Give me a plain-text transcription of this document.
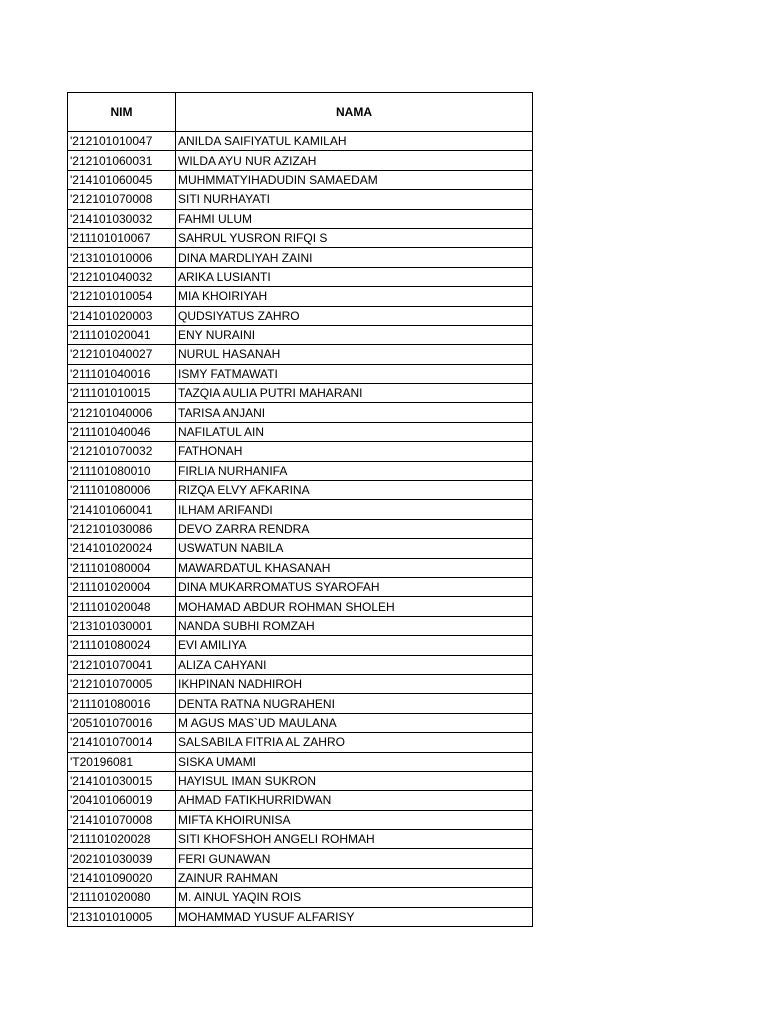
NIM	NAMA
'212101010047	ANILDA SAIFIYATUL KAMILAH
'212101060031	WILDA AYU NUR AZIZAH
'214101060045	MUHMMATYIHADUDIN SAMAEDAM
'212101070008	SITI NURHAYATI
'214101030032	FAHMI ULUM
'211101010067	SAHRUL YUSRON RIFQI S
'213101010006	DINA MARDLIYAH ZAINI
'212101040032	ARIKA LUSIANTI
'212101010054	MIA KHOIRIYAH
'214101020003	QUDSIYATUS ZAHRO
'211101020041	ENY NURAINI
'212101040027	NURUL HASANAH
'211101040016	ISMY FATMAWATI
'211101010015	TAZQIA AULIA PUTRI MAHARANI
'212101040006	TARISA ANJANI
'211101040046	NAFILATUL AIN
'212101070032	FATHONAH
'211101080010	FIRLIA NURHANIFA
'211101080006	RIZQA ELVY AFKARINA
'214101060041	ILHAM ARIFANDI
'212101030086	DEVO ZARRA RENDRA
'214101020024	USWATUN NABILA
'211101080004	MAWARDATUL KHASANAH
'211101020004	DINA MUKARROMATUS SYAROFAH
'211101020048	MOHAMAD ABDUR ROHMAN SHOLEH
'213101030001	NANDA SUBHI ROMZAH
'211101080024	EVI AMILIYA
'212101070041	ALIZA CAHYANI
'212101070005	IKHPINAN NADHIROH
'211101080016	DENTA RATNA NUGRAHENI
'205101070016	M AGUS MAS`UD MAULANA
'214101070014	SALSABILA FITRIA AL ZAHRO
'T20196081	SISKA UMAMI
'214101030015	HAYISUL IMAN SUKRON
'204101060019	AHMAD FATIKHURRIDWAN
'214101070008	MIFTA KHOIRUNISA
'211101020028	SITI KHOFSHOH ANGELI ROHMAH
'202101030039	FERI GUNAWAN
'214101090020	ZAINUR RAHMAN
'211101020080	M. AINUL YAQIN ROIS
'213101010005	MOHAMMAD YUSUF ALFARISY
